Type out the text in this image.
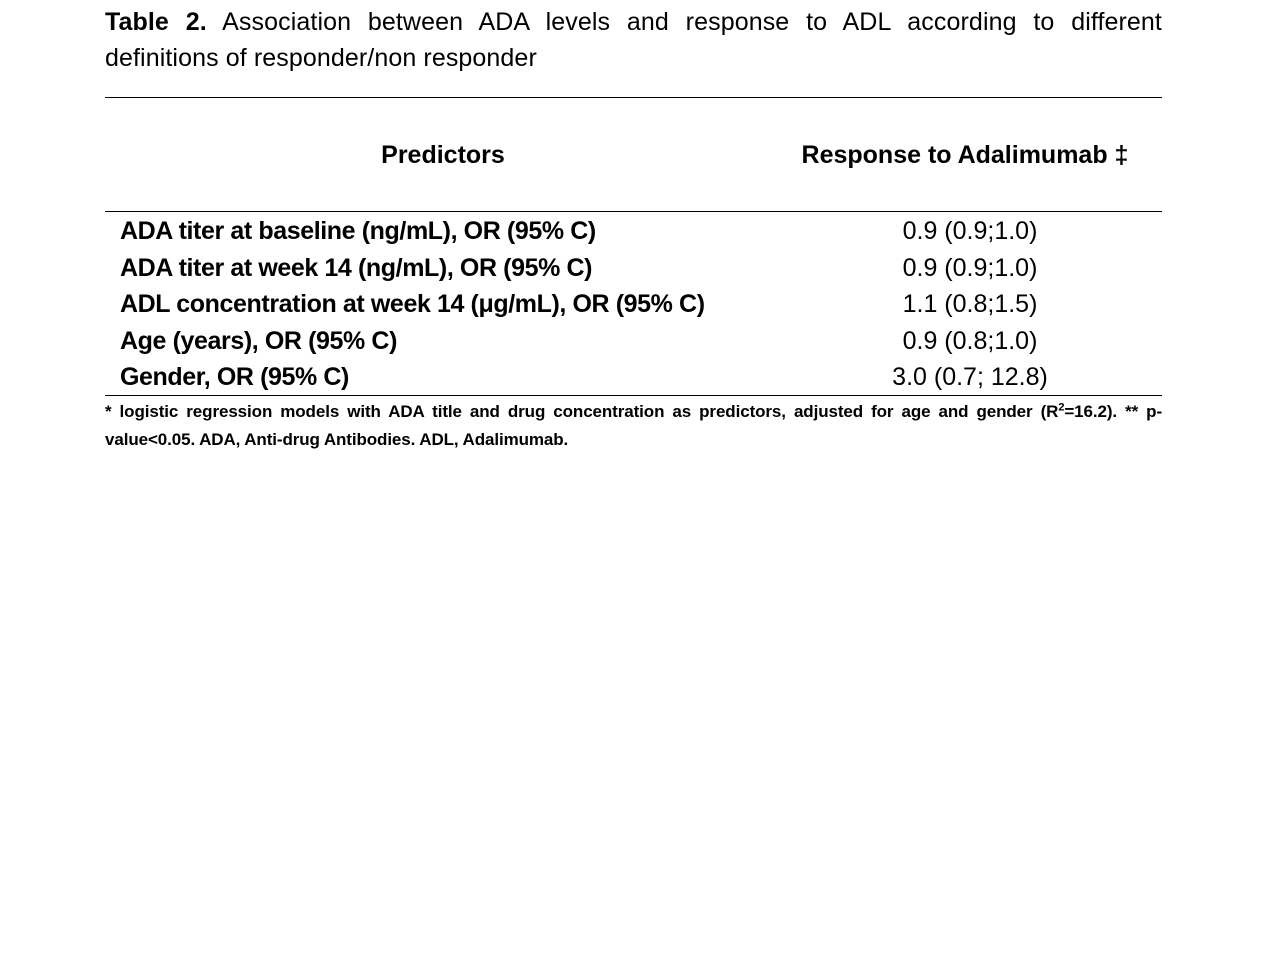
Table 2. Association between ADA levels and response to ADL according to different definitions of responder/non responder
Predictors	Response to Adalimumab ‡
ADA titer at baseline (ng/mL), OR (95% C)	0.9 (0.9;1.0)
ADA titer at week 14 (ng/mL), OR (95% C)	0.9 (0.9;1.0)
ADL concentration at week 14 (μg/mL), OR (95% C)	1.1 (0.8;1.5)
Age (years), OR (95% C)	0.9 (0.8;1.0)
Gender, OR (95% C)	3.0 (0.7; 12.8)
* logistic regression models with ADA title and drug concentration as predictors, adjusted for age and gender $(R^2=16.2)$. ** p-value<0.05. ADA, Anti-drug Antibodies. ADL, Adalimumab.
